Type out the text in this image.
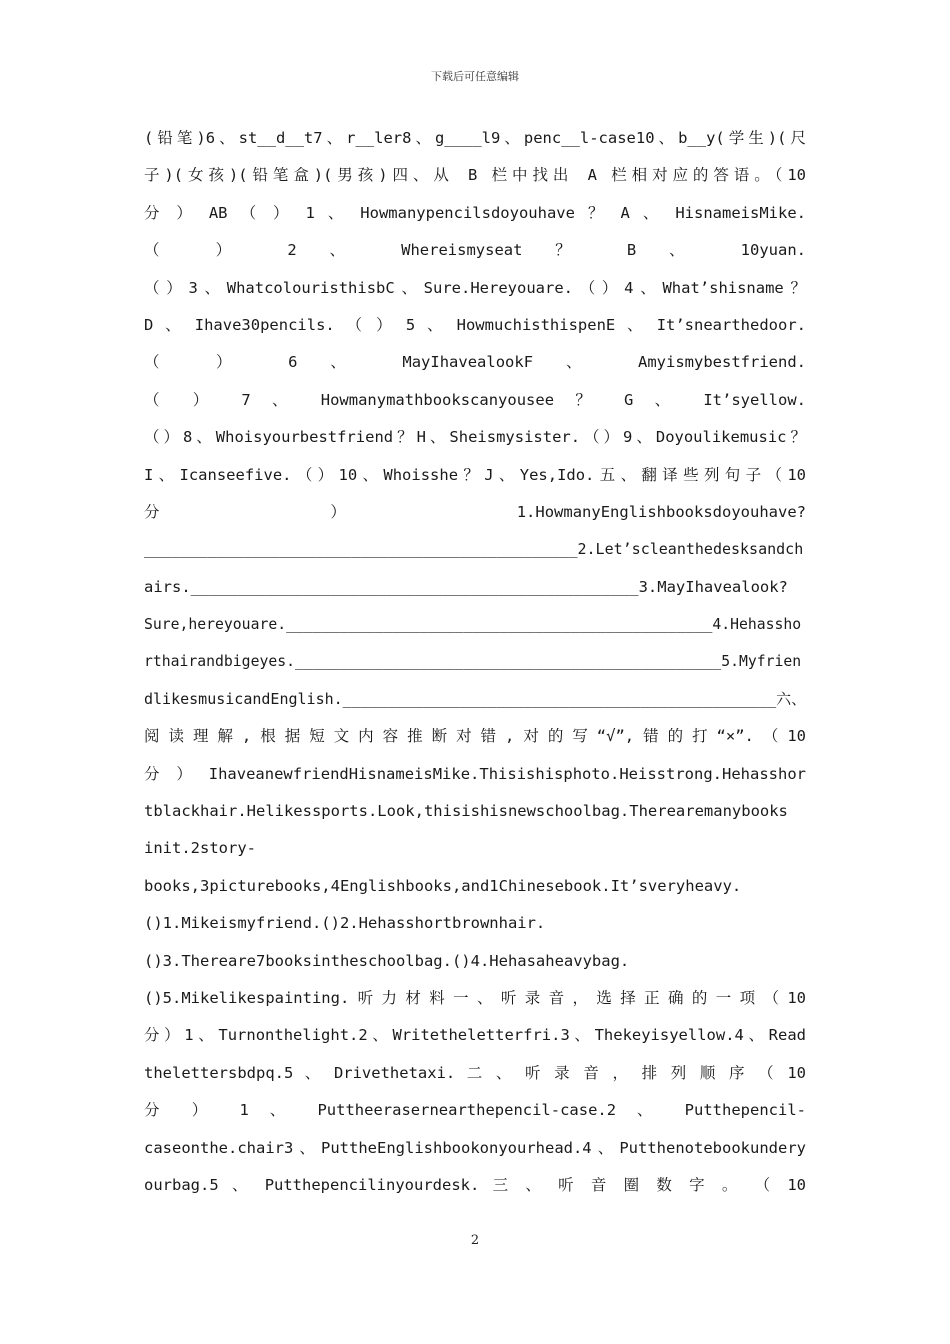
下载后可任意编辑
(铅笔)6、st__d__t7、r__ler8、g____l9、penc__l-case10、b__y(学生)(尺
子)(女孩)(铅笔盒)(男孩)四、从 B 栏中找出 A 栏相对应的答语。（10
分 ） AB （ ） 1 、 Howmanypencilsdoyouhave ？ A 、 HisnameisMike.
（ ） 2 、 Whereismyseat ？ B 、 10yuan.
（）3、WhatcolouristhisbC、Sure.Hereyouare.（）4、What’shisname？
D 、 Ihave30pencils. （ ） 5 、 HowmuchisthispenE 、 It’snearthedoor.
（ ） 6 、 MayIhavealookF 、 Amyismybestfriend.
（ ） 7 、 Howmanymathbookscanyousee ？ G 、 It’syellow.
（）8、Whoisyourbestfriend？H、Sheismysister.（）9、Doyoulikemusic？
I、Icanseefive.（）10、Whoisshe？J、Yes,Ido.五、翻译些列句子（10
分 ） 1.HowmanyEnglishbooksdoyouhave?
________________________________________________2.Let’scleanthedesksandch
airs.________________________________________________3.MayIhavealook?
Sure,hereyouare.________________________________________________4.Hehassho
rthairandbigeyes.________________________________________________5.Myfrien
dlikesmusicandEnglish.________________________________________________六、
阅读理解,根据短文内容推断对错,对的写“√”,错的打“×”.（10
分）IhaveanewfriendHisnameisMike.Thisishisphoto.Heisstrong.Hehasshor
tblackhair.Helikessports.Look,thisishisnewschoolbag.Therearemanybooks
init.2story-
books,3picturebooks,4Englishbooks,and1Chinesebook.It’sveryheavy.
()1.Mikeismyfriend.()2.Hehasshortbrownhair.
()3.Thereare7booksintheschoolbag.()4.Hehasaheavybag.
()5.Mikelikespainting.听力材料一、听录音，选择正确的一项（10
分）1、Turnonthelight.2、Writetheletterfri.3、Thekeyisyellow.4、Read
thelettersbdpq.5 、 Drivethetaxi. 二 、 听 录 音 ， 排 列 顺 序 （ 10
分 ） 1 、 Puttheerasernearthepencil-case.2 、 Putthepencil-
caseonthe.chair3、PuttheEnglishbookonyourhead.4、Putthenotebookundery
ourbag.5 、 Putthepencilinyourdesk. 三 、 听 音 圈 数 字 。 （ 10
2
